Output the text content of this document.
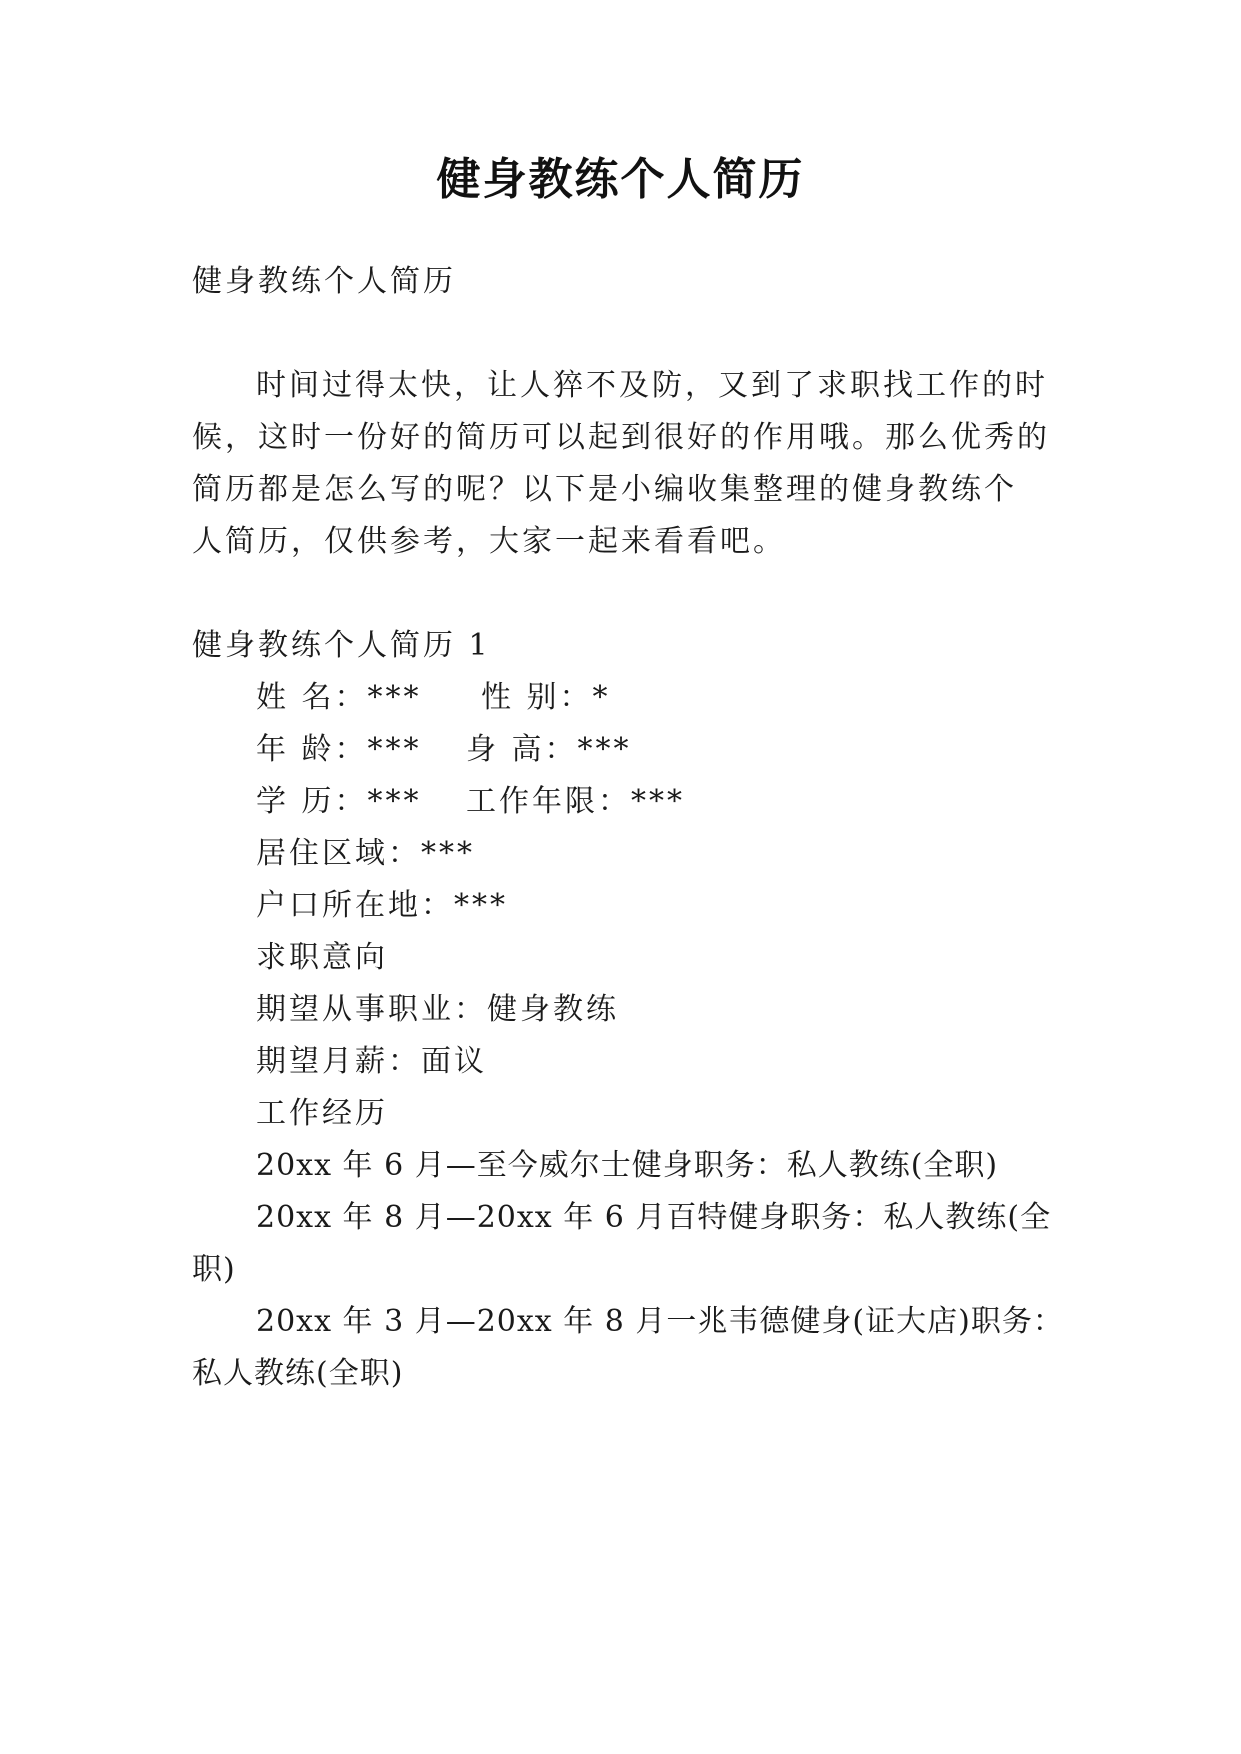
健身教练个人简历
健身教练个人简历
时间过得太快，让人猝不及防，又到了求职找工作的时
候，这时一份好的简历可以起到很好的作用哦。那么优秀的
简历都是怎么写的呢？以下是小编收集整理的健身教练个
人简历，仅供参考，大家一起来看看吧。
健身教练个人简历 1
姓 名：*** 性 别：*
年 龄：*** 身 高：***
学 历：*** 工作年限：***
居住区域：***
户口所在地：***
求职意向
期望从事职业：健身教练
期望月薪：面议
工作经历
20xx 年 6 月—至今威尔士健身职务：私人教练(全职)
20xx 年 8 月—20xx 年 6 月百特健身职务：私人教练(全
职)
20xx 年 3 月—20xx 年 8 月一兆韦德健身(证大店)职务：
私人教练(全职)
